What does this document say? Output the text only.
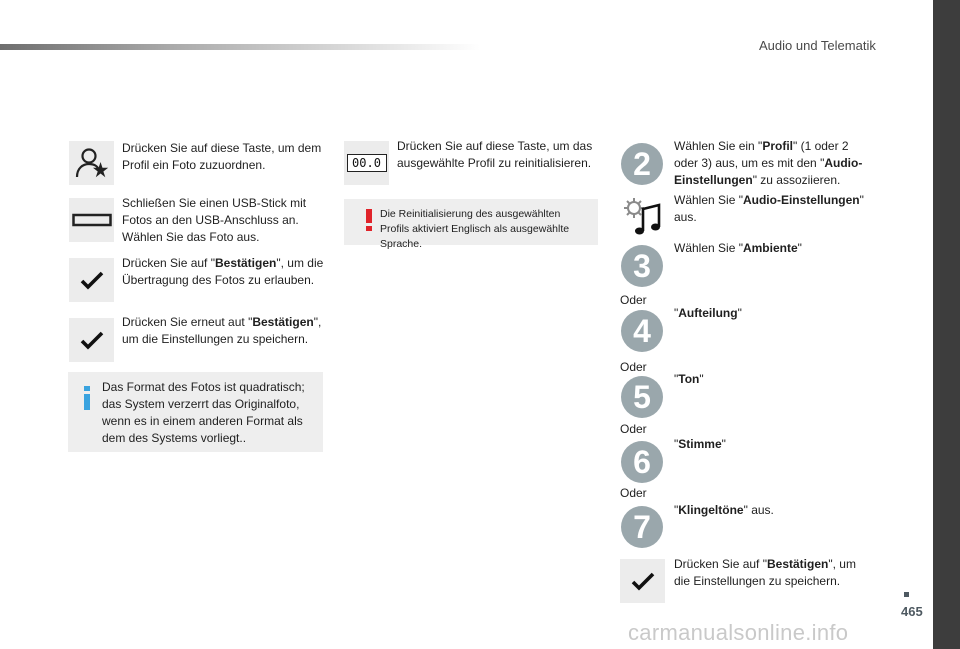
Audio und Telematik
465
carmanualsonline.info
Drücken Sie auf diese Taste, um dem Profil ein Foto zuzuordnen.
Schließen Sie einen USB-Stick mit Fotos an den USB-Anschluss an. Wählen Sie das Foto aus.
Drücken Sie auf "Bestätigen", um die Übertragung des Fotos zu erlauben.
Drücken Sie erneut aut "Bestätigen", um die Einstellungen zu speichern.
Das Format des Fotos ist quadratisch; das System verzerrt das Originalfoto, wenn es in einem anderen Format als dem des Systems vorliegt..
00.0
Drücken Sie auf diese Taste, um das ausgewählte Profil zu reinitialisieren.
Die Reinitialisierung des ausgewählten Profils aktiviert Englisch als ausgewählte Sprache.
2	Wählen Sie ein "Profil" (1 oder 2 oder 3) aus, um es mit den "Audio-Einstellungen" zu assoziieren.
Wählen Sie "Audio-Einstellungen" aus.
3	Wählen Sie "Ambiente"
Oder
4	"Aufteilung"
Oder
5	"Ton"
Oder
6	"Stimme"
Oder
7	"Klingeltöne" aus.
Drücken Sie auf "Bestätigen", um die Einstellungen zu speichern.
